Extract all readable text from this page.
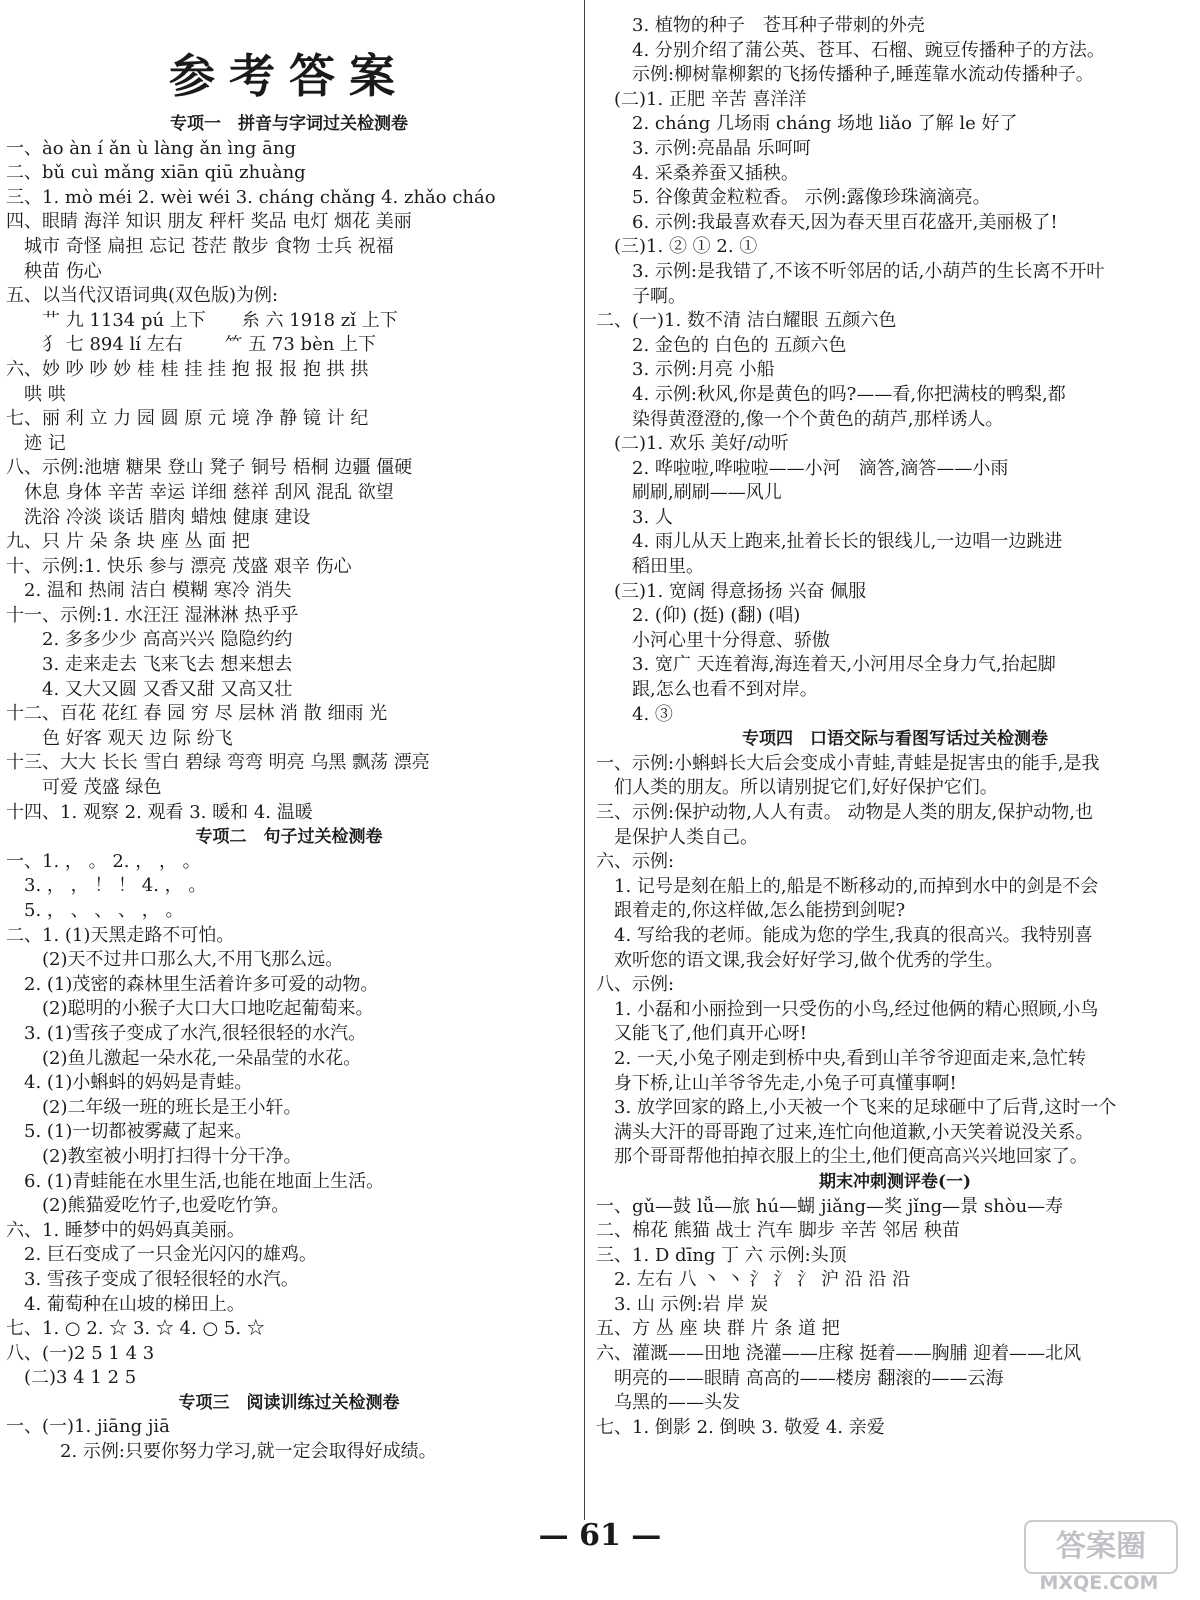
参考答案
专项一　拼音与字词过关检测卷
一、ào àn í ǎn ù làng ǎn ìng āng
二、bǔ cuì mǎng xiān qiū zhuàng
三、1. mò méi 2. wèi wéi 3. cháng chǎng 4. zhǎo cháo
四、眼睛 海洋 知识 朋友 秤杆 奖品 电灯 烟花 美丽
　城市 奇怪 扁担 忘记 苍茫 散步 食物 士兵 祝福
　秧苗 伤心
五、以当代汉语词典(双色版)为例:
　　艹 九 1134 pú 上下　　糸 六 1918 zǐ 上下
　　犭 七 894 lí 左右　　 ⺮ 五 73 bèn 上下
六、妙 吵 吵 妙 桂 桂 挂 挂 抱 报 报 抱 拱 拱
　哄 哄
七、丽 利 立 力 园 圆 原 元 境 净 静 镜 计 纪
　迹 记
八、示例:池塘 糖果 登山 凳子 铜号 梧桐 边疆 僵硬
　休息 身体 辛苦 幸运 详细 慈祥 刮风 混乱 欲望
　洗浴 冷淡 谈话 腊肉 蜡烛 健康 建设
九、只 片 朵 条 块 座 丛 面 把
十、示例:1. 快乐 参与 漂亮 茂盛 艰辛 伤心
　2. 温和 热闹 洁白 模糊 寒冷 消失
十一、示例:1. 水汪汪 湿淋淋 热乎乎
　　2. 多多少少 高高兴兴 隐隐约约
　　3. 走来走去 飞来飞去 想来想去
　　4. 又大又圆 又香又甜 又高又壮
十二、百花 花红 春 园 穷 尽 层林 消 散 细雨 光
　　色 好客 观天 边 际 纷飞
十三、大大 长长 雪白 碧绿 弯弯 明亮 乌黑 飘荡 漂亮
　　可爱 茂盛 绿色
十四、1. 观察 2. 观看 3. 暖和 4. 温暖
专项二　句子过关检测卷
一、1. ， 。 2. ， ， 。
　3. ， ， ！ ！ 4. ， 。
　5. ， 、 、 、 ， 。
二、1. (1)天黑走路不可怕。
　　(2)天不过井口那么大,不用飞那么远。
　2. (1)茂密的森林里生活着许多可爱的动物。
　　(2)聪明的小猴子大口大口地吃起葡萄来。
　3. (1)雪孩子变成了水汽,很轻很轻的水汽。
　　(2)鱼儿激起一朵水花,一朵晶莹的水花。
　4. (1)小蝌蚪的妈妈是青蛙。
　　(2)二年级一班的班长是王小轩。
　5. (1)一切都被雾藏了起来。
　　(2)教室被小明打扫得十分干净。
　6. (1)青蛙能在水里生活,也能在地面上生活。
　　(2)熊猫爱吃竹子,也爱吃竹笋。
六、1. 睡梦中的妈妈真美丽。
　2. 巨石变成了一只金光闪闪的雄鸡。
　3. 雪孩子变成了很轻很轻的水汽。
　4. 葡萄种在山坡的梯田上。
七、1. ○ 2. ☆ 3. ☆ 4. ○ 5. ☆
八、(一)2 5 1 4 3
　(二)3 4 1 2 5
专项三　阅读训练过关检测卷
一、(一)1. jiāng jiā
　　　2. 示例:只要你努力学习,就一定会取得好成绩。
　　3. 植物的种子　苍耳种子带刺的外壳
　　4. 分别介绍了蒲公英、苍耳、石榴、豌豆传播种子的方法。
　　示例:柳树靠柳絮的飞扬传播种子,睡莲靠水流动传播种子。
　(二)1. 正肥 辛苦 喜洋洋
　　2. cháng 几场雨 cháng 场地 liǎo 了解 le 好了
　　3. 示例:亮晶晶 乐呵呵
　　4. 采桑养蚕又插秧。
　　5. 谷像黄金粒粒香。 示例:露像珍珠滴滴亮。
　　6. 示例:我最喜欢春天,因为春天里百花盛开,美丽极了!
　(三)1. ② ① 2. ①
　　3. 示例:是我错了,不该不听邻居的话,小葫芦的生长离不开叶
　　子啊。
二、(一)1. 数不清 洁白耀眼 五颜六色
　　2. 金色的 白色的 五颜六色
　　3. 示例:月亮 小船
　　4. 示例:秋风,你是黄色的吗?——看,你把满枝的鸭梨,都
　　染得黄澄澄的,像一个个黄色的葫芦,那样诱人。
　(二)1. 欢乐 美好/动听
　　2. 哗啦啦,哗啦啦——小河　滴答,滴答——小雨
　　刷刷,刷刷——风儿
　　3. 人
　　4. 雨儿从天上跑来,扯着长长的银线儿,一边唱一边跳进
　　稻田里。
　(三)1. 宽阔 得意扬扬 兴奋 佩服
　　2. (仰) (挺) (翻) (唱)
　　小河心里十分得意、骄傲
　　3. 宽广 天连着海,海连着天,小河用尽全身力气,抬起脚
　　跟,怎么也看不到对岸。
　　4. ③
专项四　口语交际与看图写话过关检测卷
一、示例:小蝌蚪长大后会变成小青蛙,青蛙是捉害虫的能手,是我
　们人类的朋友。所以请别捉它们,好好保护它们。
三、示例:保护动物,人人有责。 动物是人类的朋友,保护动物,也
　是保护人类自己。
六、示例:
　1. 记号是刻在船上的,船是不断移动的,而掉到水中的剑是不会
　跟着走的,你这样做,怎么能捞到剑呢?
　4. 写给我的老师。能成为您的学生,我真的很高兴。我特别喜
　欢听您的语文课,我会好好学习,做个优秀的学生。
八、示例:
　1. 小磊和小丽捡到一只受伤的小鸟,经过他俩的精心照顾,小鸟
　又能飞了,他们真开心呀!
　2. 一天,小兔子刚走到桥中央,看到山羊爷爷迎面走来,急忙转
　身下桥,让山羊爷爷先走,小兔子可真懂事啊!
　3. 放学回家的路上,小天被一个飞来的足球砸中了后背,这时一个
　满头大汗的哥哥跑了过来,连忙向他道歉,小天笑着说没关系。
　那个哥哥帮他拍掉衣服上的尘土,他们便高高兴兴地回家了。
期末冲刺测评卷(一)
一、gǔ—鼓 lǚ—旅 hú—蝴 jiǎng—奖 jǐng—景 shòu—寿
二、棉花 熊猫 战士 汽车 脚步 辛苦 邻居 秧苗
三、1. D dīng 丁 六 示例:头顶
　2. 左右 八 丶 丶 氵 氵 氵 沪 沿 沿 沿
　3. 山 示例:岩 岸 炭
五、方 丛 座 块 群 片 条 道 把
六、灌溉——田地 浇灌——庄稼 挺着——胸脯 迎着——北风
　明亮的——眼睛 高高的——楼房 翻滚的——云海
　乌黑的——头发
七、1. 倒影 2. 倒映 3. 敬爱 4. 亲爱
— 61 —	答案圈
MXQE.COM
